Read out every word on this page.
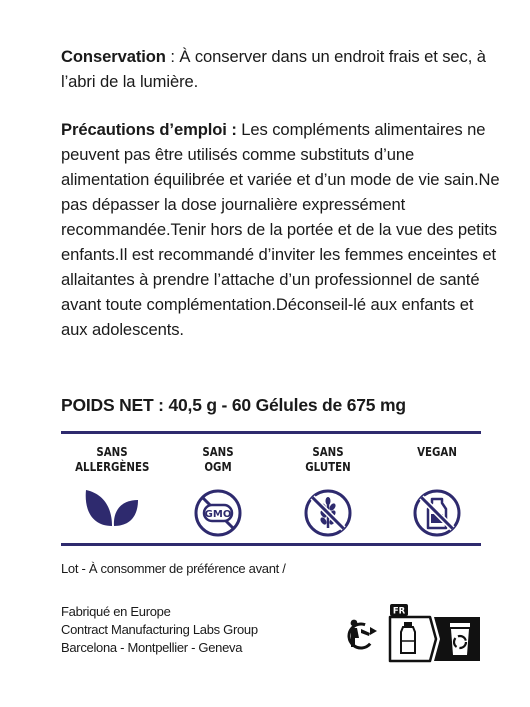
Conservation : À conserver dans un endroit frais et sec, à l’abri de la lumière.

Précautions d’emploi : Les compléments alimentaires ne peuvent pas être utilisés comme substituts d’une alimentation équilibrée et variée et d’un mode de vie sain.Ne pas dépasser la dose journalière expressément recommandée.Tenir hors de la portée et de la vue des petits enfants.Il est recommandé d’inviter les femmes enceintes et allaitantes à prendre l’attache d’un professionnel de santé avant toute complémentation.Déconseil-lé aux enfants et aux adolescents.

POIDS NET : 40,5 g - 60 Gélules de 675 mg
SANS
ALLERGÈNES
SANS
OGM
GMO
SANS
GLUTEN
VEGAN
Lot - À consommer de préférence avant /
Fabriqué en Europe
Contract Manufacturing Labs Group
Barcelona - Montpellier - Geneva
FR
